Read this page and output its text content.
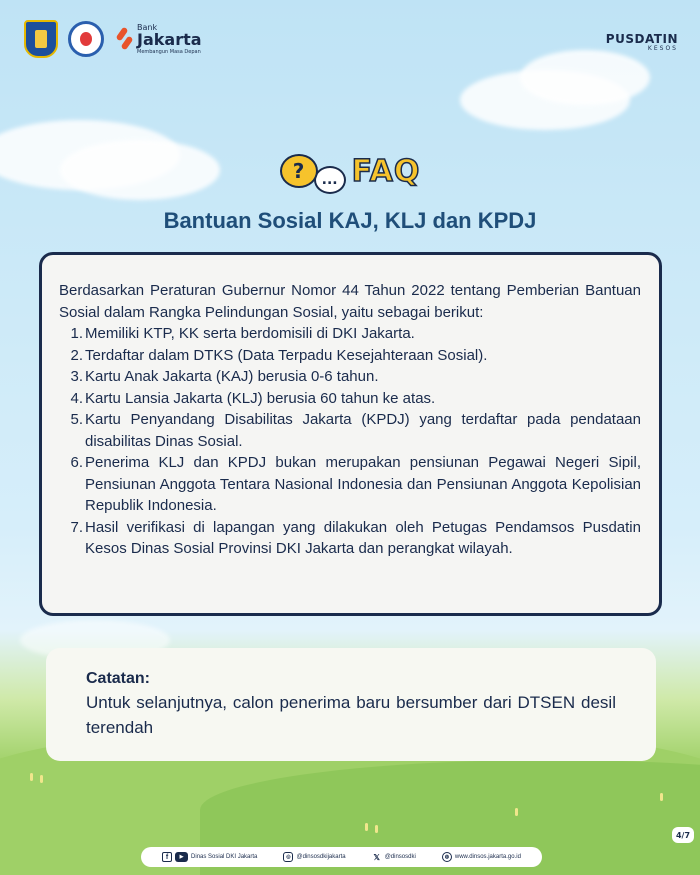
Bank
Jakarta
Membangun Masa Depan
PUSDATIN
KESOS
?	... FAQ
Bantuan Sosial KAJ, KLJ dan KPDJ

Berdasarkan Peraturan Gubernur Nomor 44 Tahun 2022 tentang Pemberian Bantuan Sosial dalam Rangka Pelindungan Sosial, yaitu sebagai berikut:

1. Memiliki KTP, KK serta berdomisili di DKI Jakarta.
2. Terdaftar dalam DTKS (Data Terpadu Kesejahteraan Sosial).
3. Kartu Anak Jakarta (KAJ) berusia 0-6 tahun.
4. Kartu Lansia Jakarta (KLJ) berusia 60 tahun ke atas.
5. Kartu Penyandang Disabilitas Jakarta (KPDJ) yang terdaftar pada pendataan disabilitas Dinas Sosial.
6. Penerima KLJ dan KPDJ bukan merupakan pensiunan Pegawai Negeri Sipil, Pensiunan Anggota Tentara Nasional Indonesia dan Pensiunan Anggota Kepolisian Republik Indonesia.
7. Hasil verifikasi di lapangan yang dilakukan oleh Petugas Pendamsos Pusdatin Kesos Dinas Sosial Provinsi DKI Jakarta dan perangkat wilayah.
Catatan:
Untuk selanjutnya, calon penerima baru bersumber dari DTSEN desil terendah
4/7
f	▶	Dinas Sosial DKI Jakarta	◎ @dinsosdkijakarta	𝕏 @dinsosdki	◍ www.dinsos.jakarta.go.id
